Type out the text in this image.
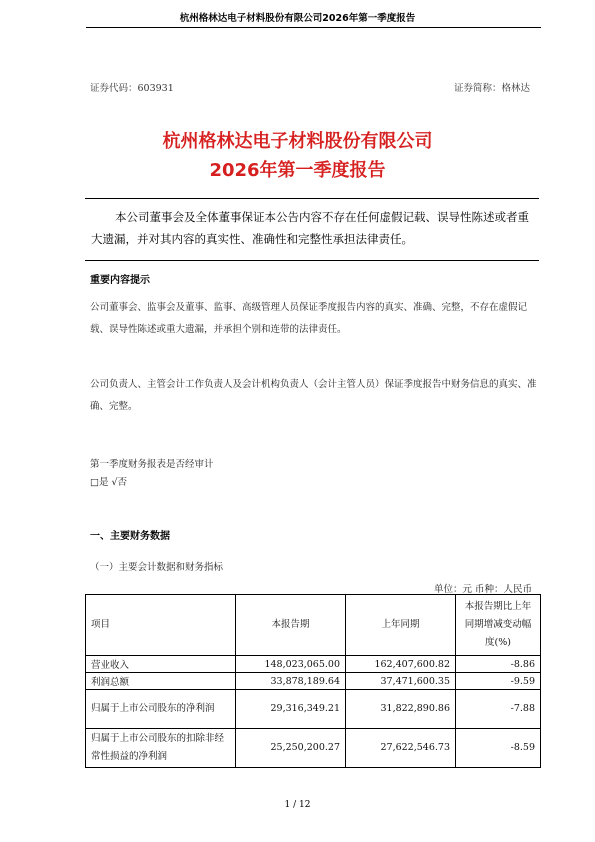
杭州格林达电子材料股份有限公司2026年第一季度报告
证券代码：603931	证券简称：格林达
杭州格林达电子材料股份有限公司
2026年第一季度报告
本公司董事会及全体董事保证本公告内容不存在任何虚假记载、误导性陈述或者重大遗漏，并对其内容的真实性、准确性和完整性承担法律责任。
重要内容提示
公司董事会、监事会及董事、监事、高级管理人员保证季度报告内容的真实、准确、完整，不存在虚假记载、误导性陈述或重大遗漏，并承担个别和连带的法律责任。
公司负责人、主管会计工作负责人及会计机构负责人（会计主管人员）保证季度报告中财务信息的真实、准确、完整。
第一季度财务报表是否经审计
□是 √否
一、主要财务数据
（一）主要会计数据和财务指标
单位：元 币种：人民币
项目	本报告期	上年同期	本报告期比上年同期增减变动幅度(%)
营业收入	148,023,065.00	162,407,600.82	-8.86
利润总额	33,878,189.64	37,471,600.35	-9.59
归属于上市公司股东的净利润	29,316,349.21	31,822,890.86	-7.88
归属于上市公司股东的扣除非经常性损益的净利润	25,250,200.27	27,622,546.73	-8.59
1 / 12
